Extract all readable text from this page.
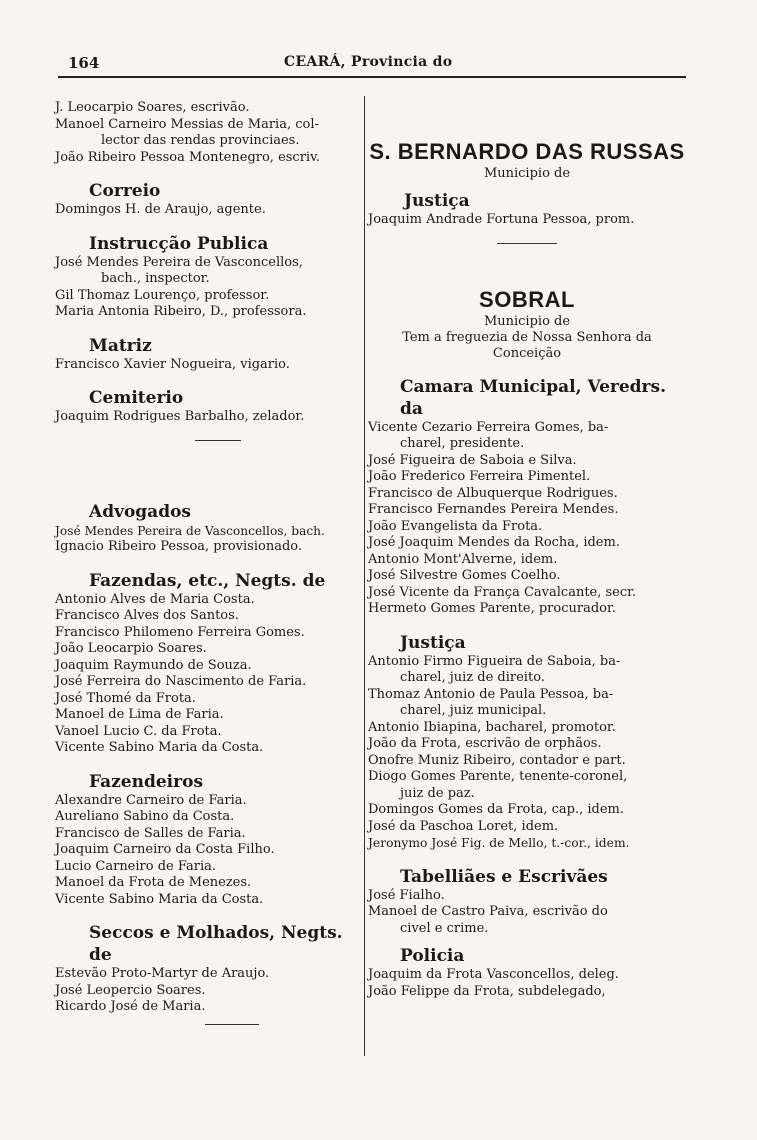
164	CEARÁ, Provincia do
J. Leocarpio Soares, escrivão.
Manoel Carneiro Messias de Maria, col-
lector das rendas provinciaes.
João Ribeiro Pessoa Montenegro, escriv.
Correio
Domingos H. de Araujo, agente.
Instrucção Publica
José Mendes Pereira de Vasconcellos,
bach., inspector.
Gil Thomaz Lourenço, professor.
Maria Antonia Ribeiro, D., professora.
Matriz
Francisco Xavier Nogueira, vigario.
Cemiterio
Joaquim Rodrigues Barbalho, zelador.
Advogados
José Mendes Pereira de Vasconcellos, bach.
Ignacio Ribeiro Pessoa, provisionado.
Fazendas, etc., Negts. de
Antonio Alves de Maria Costa.
Francisco Alves dos Santos.
Francisco Philomeno Ferreira Gomes.
João Leocarpio Soares.
Joaquim Raymundo de Souza.
José Ferreira do Nascimento de Faria.
José Thomé da Frota.
Manoel de Lima de Faria.
Vanoel Lucio C. da Frota.
Vicente Sabino Maria da Costa.
Fazendeiros
Alexandre Carneiro de Faria.
Aureliano Sabino da Costa.
Francisco de Salles de Faria.
Joaquim Carneiro da Costa Filho.
Lucio Carneiro de Faria.
Manoel da Frota de Menezes.
Vicente Sabino Maria da Costa.
Seccos e Molhados, Negts. de
Estevão Proto-Martyr de Araujo.
José Leopercio Soares.
Ricardo José de Maria.
S. BERNARDO DAS RUSSAS
Municipio de
Justiça
Joaquim Andrade Fortuna Pessoa, prom.
SOBRAL
Municipio de
Tem a freguezia de Nossa Senhora da Conceição
Camara Municipal, Veredrs. da
Vicente Cezario Ferreira Gomes, ba-
charel, presidente.
José Figueira de Saboia e Silva.
João Frederico Ferreira Pimentel.
Francisco de Albuquerque Rodrigues.
Francisco Fernandes Pereira Mendes.
João Evangelista da Frota.
José Joaquim Mendes da Rocha, idem.
Antonio Mont'Alverne, idem.
José Silvestre Gomes Coelho.
José Vicente da França Cavalcante, secr.
Hermeto Gomes Parente, procurador.
Justiça
Antonio Firmo Figueira de Saboia, ba-
charel, juiz de direito.
Thomaz Antonio de Paula Pessoa, ba-
charel, juiz municipal.
Antonio Ibiapina, bacharel, promotor.
João da Frota, escrivão de orphãos.
Onofre Muniz Ribeiro, contador e part.
Diogo Gomes Parente, tenente-coronel,
juiz de paz.
Domingos Gomes da Frota, cap., idem.
José da Paschoa Loret, idem.
Jeronymo José Fig. de Mello, t.-cor., idem.
Tabelliães e Escrivães
José Fialho.
Manoel de Castro Paiva, escrivão do
civel e crime.
Policia
Joaquim da Frota Vasconcellos, deleg.
João Felippe da Frota, subdelegado,
